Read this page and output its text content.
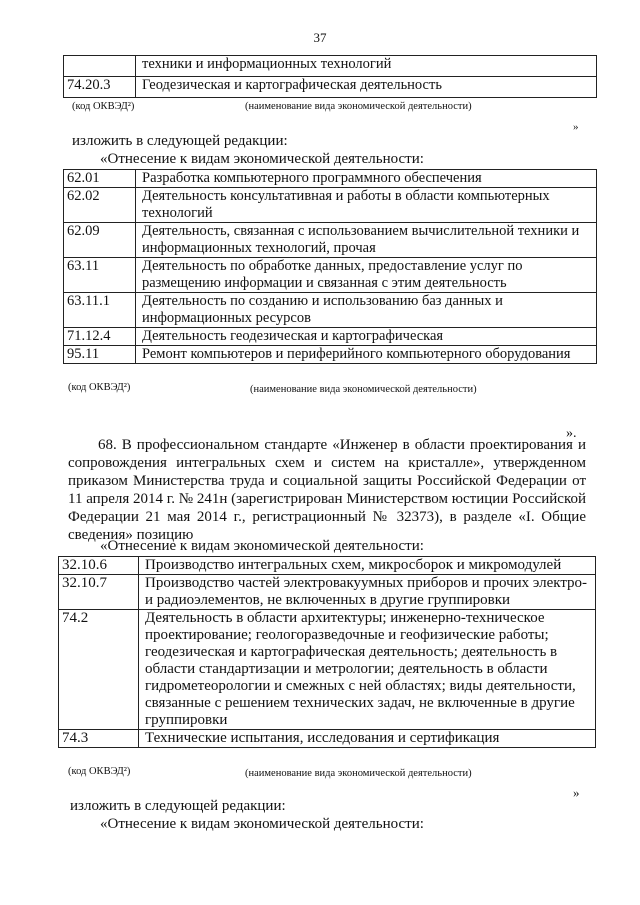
37
	техники и информационных технологий
74.20.3	Геодезическая и картографическая деятельность
(код ОКВЭД²)	(наименование вида экономической деятельности)
»
изложить в следующей редакции:
«Отнесение к видам экономической деятельности:
62.01	Разработка компьютерного программного обеспечения
62.02	Деятельность консультативная и работы в области компьютерных технологий
62.09	Деятельность, связанная с использованием вычислительной техники и информационных технологий, прочая
63.11	Деятельность по обработке данных, предоставление услуг по размещению информации и связанная с этим деятельность
63.11.1	Деятельность по созданию и использованию баз данных и информационных ресурсов
71.12.4	Деятельность геодезическая и картографическая
95.11	Ремонт компьютеров и периферийного компьютерного оборудования
(код ОКВЭД²)	(наименование вида экономической деятельности)
».
68. В профессиональном стандарте «Инженер в области проектирования и сопровождения интегральных схем и систем на кристалле», утвержденном приказом Министерства труда и социальной защиты Российской Федерации от 11 апреля 2014 г. № 241н (зарегистрирован Министерством юстиции Российской Федерации 21 мая 2014 г., регистрационный № 32373), в разделе «I. Общие сведения» позицию
«Отнесение к видам экономической деятельности:
32.10.6	Производство интегральных схем, микросборок и микромодулей
32.10.7	Производство частей электровакуумных приборов и прочих электро- и радиоэлементов, не включенных в другие группировки
74.2	Деятельность в области архитектуры; инженерно-техническое проектирование; геологоразведочные и геофизические работы; геодезическая и картографическая деятельность; деятельность в области стандартизации и метрологии; деятельность в области гидрометеорологии и смежных с ней областях; виды деятельности, связанные с решением технических задач, не включенные в другие группировки
74.3	Технические испытания, исследования и сертификация
(код ОКВЭД²)	(наименование вида экономической деятельности)
»
изложить в следующей редакции:
«Отнесение к видам экономической деятельности:
